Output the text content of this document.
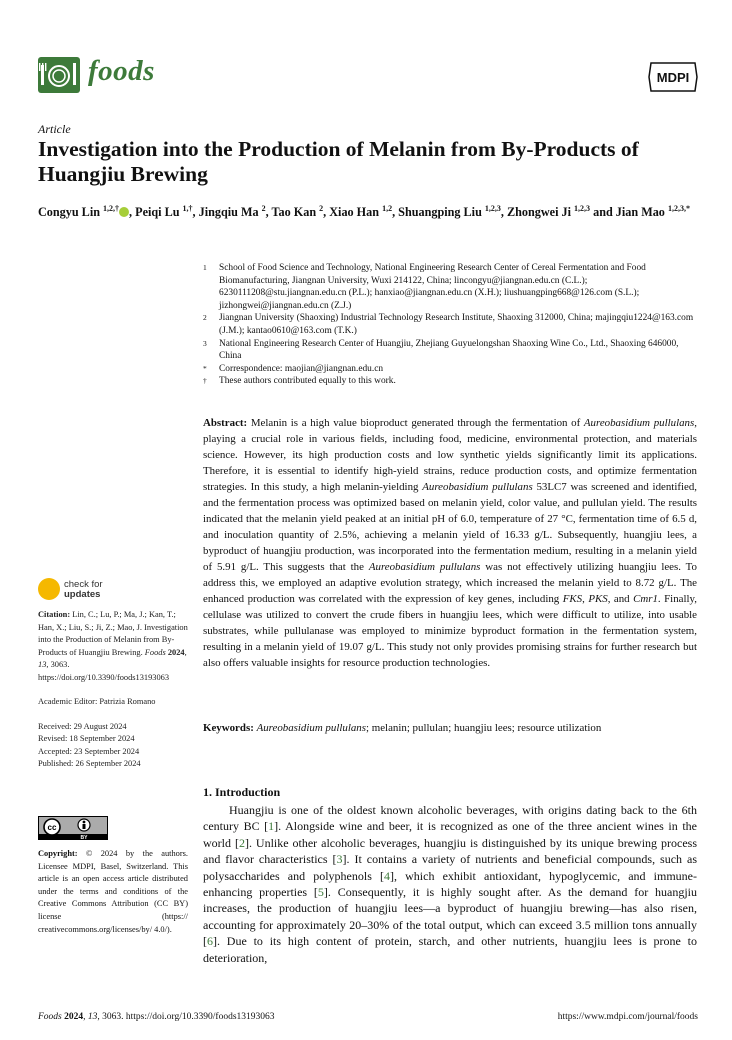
foods	MDPI
Article
Investigation into the Production of Melanin from By-Products of Huangjiu Brewing
Congyu Lin $^{1,2,\dagger}$ , Peiqi Lu $^{1,\dagger}$, Jingqiu Ma $^2$, Tao Kan $^2$, Xiao Han $^{1,2}$, Shuangping Liu $^{1,2,3}$, Zhongwei Ji $^{1,2,3}$ and Jian Mao $^{1,2,3,*}$
1	School of Food Science and Technology, National Engineering Research Center of Cereal Fermentation and Food Biomanufacturing, Jiangnan University, Wuxi 214122, China; lincongyu@jiangnan.edu.cn (C.L.); 6230111208@stu.jiangnan.edu.cn (P.L.); hanxiao@jiangnan.edu.cn (X.H.); liushuangping668@126.com (S.L.); jizhongwei@jiangnan.edu.cn (Z.J.)
2	Jiangnan University (Shaoxing) Industrial Technology Research Institute, Shaoxing 312000, China; majingqiu1224@163.com (J.M.); kantao0610@163.com (T.K.)
3	National Engineering Research Center of Huangjiu, Zhejiang Guyuelongshan Shaoxing Wine Co., Ltd., Shaoxing 646000, China
*	Correspondence: maojian@jiangnan.edu.cn
†	These authors contributed equally to this work.
Abstract: Melanin is a high value bioproduct generated through the fermentation of Aureobasidium pullulans, playing a crucial role in various fields, including food, medicine, environmental protection, and materials science. However, its high production costs and low synthetic yields significantly limit its applications. Therefore, it is essential to identify high-yield strains, reduce production costs, and optimize fermentation strategies. In this study, a high melanin-yielding Aureobasidium pullulans 53LC7 was screened and identified, and the fermentation process was optimized based on melanin yield, color value, and pullulan yield. The results indicated that the melanin yield peaked at an initial pH of 6.0, temperature of 27 °C, fermentation time of 6.5 d, and inoculation quantity of 2.5%, achieving a melanin yield of 16.33 g/L. Subsequently, huangjiu lees, a byproduct of huangjiu production, was incorporated into the fermentation medium, resulting in a melanin yield of 5.91 g/L. This suggests that the Aureobasidium pullulans was not effectively utilizing huangjiu lees. To address this, we employed an adaptive evolution strategy, which increased the melanin yield to 8.72 g/L. The enhanced production was correlated with the expression of key genes, including FKS, PKS, and Cmr1. Finally, cellulase was utilized to convert the crude fibers in huangjiu lees, which were difficult to utilize, into usable substrates, while pullulanase was employed to minimize byproduct formation in the fermentation system, resulting in a melanin yield of 19.07 g/L. This study not only provides promising strains for further research but also offers valuable insights for resource production technologies.
Keywords: Aureobasidium pullulans; melanin; pullulan; huangjiu lees; resource utilization
check for
updates

Citation: Lin, C.; Lu, P.; Ma, J.; Kan, T.; Han, X.; Liu, S.; Ji, Z.; Mao, J. Investigation into the Production of Melanin from By-Products of Huangjiu Brewing. Foods 2024, 13, 3063. https://doi.org/10.3390/foods13193063

Academic Editor: Patrizia Romano

Received: 29 August 2024

Revised: 18 September 2024

Accepted: 23 September 2024

Published: 26 September 2024

cc
BY
Copyright: © 2024 by the authors. Licensee MDPI, Basel, Switzerland. This article is an open access article distributed under the terms and conditions of the Creative Commons Attribution (CC BY) license (https:// creativecommons.org/licenses/by/ 4.0/).
1. Introduction
Huangjiu is one of the oldest known alcoholic beverages, with origins dating back to the 6th century BC [1]. Alongside wine and beer, it is recognized as one of the three ancient wines in the world [2]. Unlike other alcoholic beverages, huangjiu is distinguished by its unique brewing process and flavor characteristics [3]. It contains a variety of nutrients and beneficial compounds, such as polysaccharides and polyphenols [4], which exhibit antioxidant, hypoglycemic, and immune-enhancing properties [5]. Consequently, it is highly sought after. As the demand for huangjiu increases, the production of huangjiu lees—a byproduct of huangjiu brewing—has also risen, accounting for approximately 20–30% of the total output, which can exceed 3.5 million tons annually [6]. Due to its high content of protein, starch, and other nutrients, huangjiu lees is prone to deterioration,
Foods 2024, 13, 3063. https://doi.org/10.3390/foods13193063	https://www.mdpi.com/journal/foods
